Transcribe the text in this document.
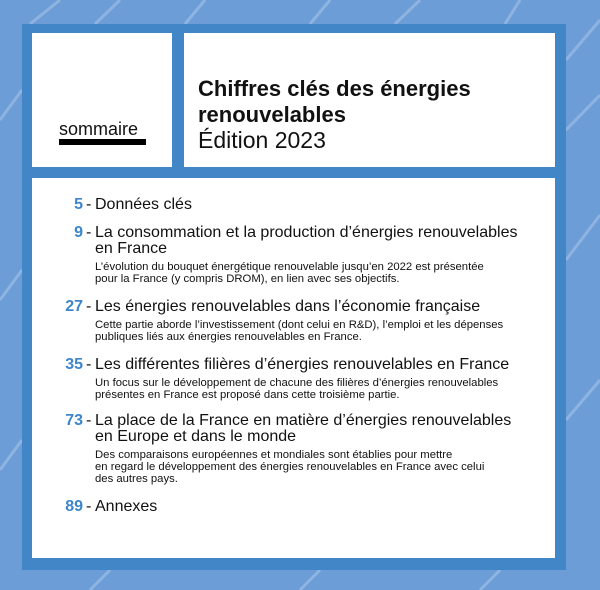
sommaire
Chiffres clés des énergies
renouvelables
Édition 2023
5 - Données clés
9 - La consommation et la production d’énergies renouvelables
en France
L’évolution du bouquet énergétique renouvelable jusqu’en 2022 est présentée
pour la France (y compris DROM), en lien avec ses objectifs.
27 - Les énergies renouvelables dans l’économie française
Cette partie aborde l’investissement (dont celui en R&D), l’emploi et les dépenses
publiques liés aux énergies renouvelables en France.
35 - Les différentes filières d’énergies renouvelables en France
Un focus sur le développement de chacune des filières d’énergies renouvelables
présentes en France est proposé dans cette troisième partie.
73 - La place de la France en matière d’énergies renouvelables
en Europe et dans le monde
Des comparaisons européennes et mondiales sont établies pour mettre
en regard le développement des énergies renouvelables en France avec celui
des autres pays.
89 - Annexes
